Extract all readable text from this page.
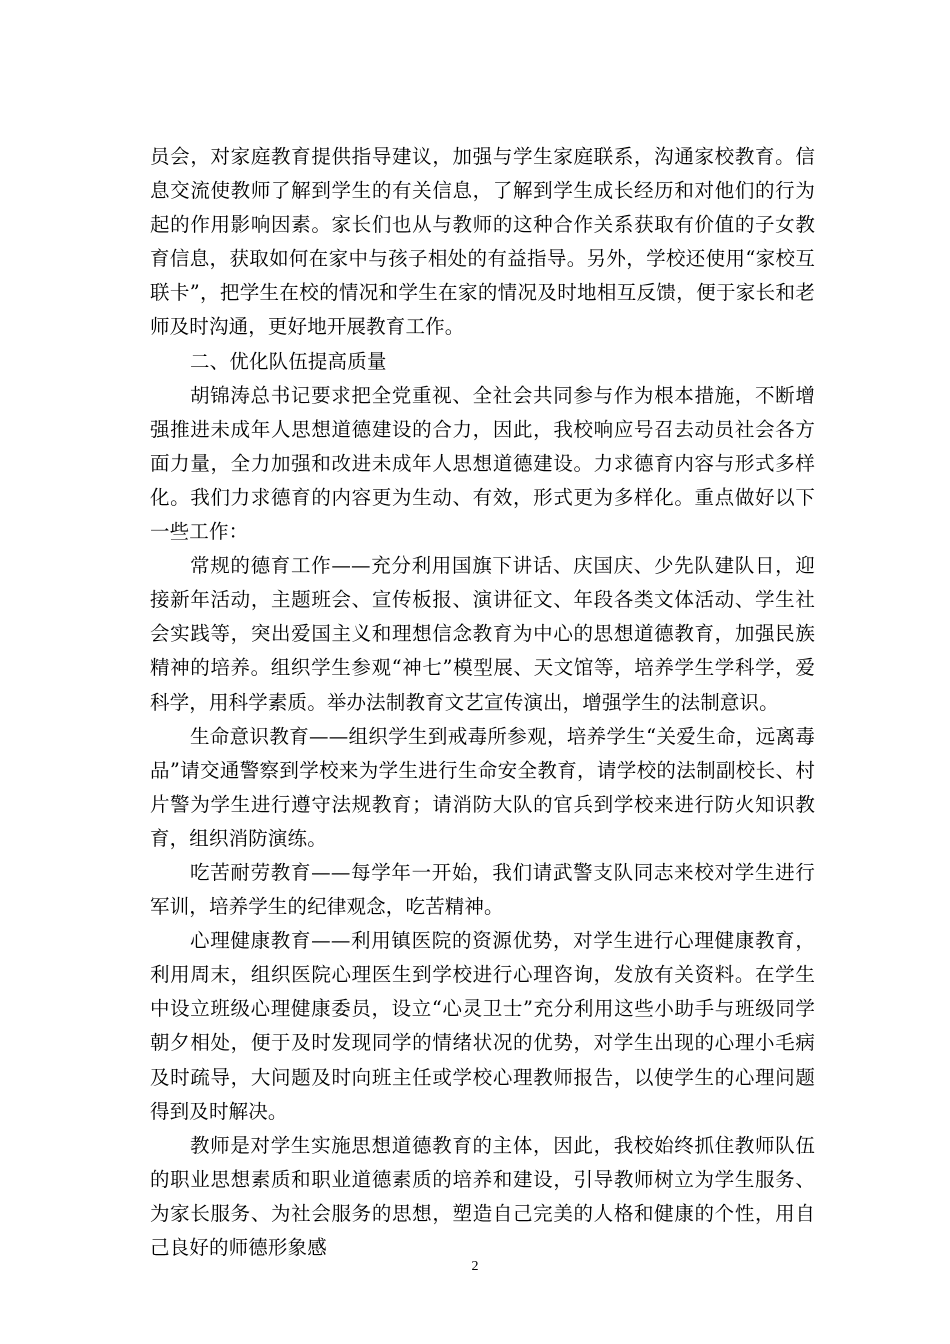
员会，对家庭教育提供指导建议，加强与学生家庭联系，沟通家校教育。信息交流使教师了解到学生的有关信息，了解到学生成长经历和对他们的行为起的作用影响因素。家长们也从与教师的这种合作关系获取有价值的子女教育信息，获取如何在家中与孩子相处的有益指导。另外，学校还使用“家校互联卡”，把学生在校的情况和学生在家的情况及时地相互反馈，便于家长和老师及时沟通，更好地开展教育工作。

二、优化队伍提高质量

胡锦涛总书记要求把全党重视、全社会共同参与作为根本措施，不断增强推进未成年人思想道德建设的合力，因此，我校响应号召去动员社会各方面力量，全力加强和改进未成年人思想道德建设。力求德育内容与形式多样化。我们力求德育的内容更为生动、有效，形式更为多样化。重点做好以下一些工作：

常规的德育工作——充分利用国旗下讲话、庆国庆、少先队建队日，迎接新年活动，主题班会、宣传板报、演讲征文、年段各类文体活动、学生社会实践等，突出爱国主义和理想信念教育为中心的思想道德教育，加强民族精神的培养。组织学生参观“神七”模型展、天文馆等，培养学生学科学，爱科学，用科学素质。举办法制教育文艺宣传演出，增强学生的法制意识。

生命意识教育——组织学生到戒毒所参观，培养学生“关爱生命，远离毒品”请交通警察到学校来为学生进行生命安全教育，请学校的法制副校长、村片警为学生进行遵守法规教育；请消防大队的官兵到学校来进行防火知识教育，组织消防演练。

吃苦耐劳教育——每学年一开始，我们请武警支队同志来校对学生进行军训，培养学生的纪律观念，吃苦精神。

心理健康教育——利用镇医院的资源优势，对学生进行心理健康教育，利用周末，组织医院心理医生到学校进行心理咨询，发放有关资料。在学生中设立班级心理健康委员，设立“心灵卫士”充分利用这些小助手与班级同学朝夕相处，便于及时发现同学的情绪状况的优势，对学生出现的心理小毛病及时疏导，大问题及时向班主任或学校心理教师报告，以使学生的心理问题得到及时解决。

教师是对学生实施思想道德教育的主体，因此，我校始终抓住教师队伍的职业思想素质和职业道德素质的培养和建设，引导教师树立为学生服务、为家长服务、为社会服务的思想，塑造自己完美的人格和健康的个性，用自己良好的师德形象感

2
